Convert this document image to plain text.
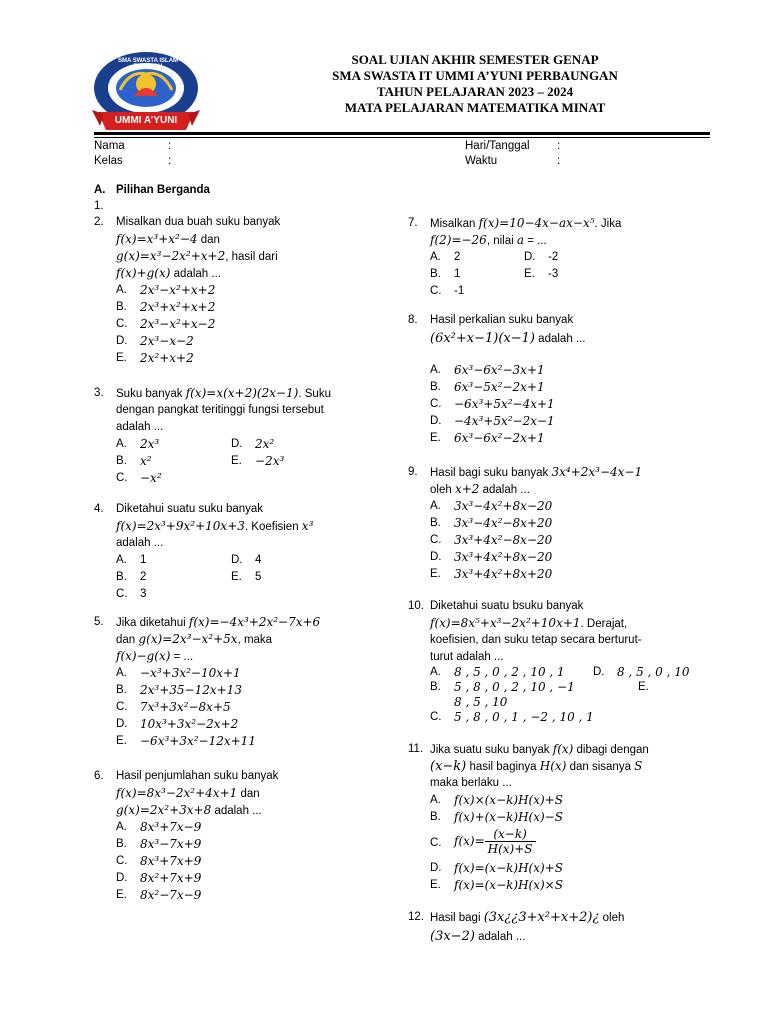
SMA SWASTA ISLAM TERPADU
UMMI A’YUNI
SOAL UJIAN AKHIR SEMESTER GENAP
SMA SWASTA IT UMMI A’YUNI PERBAUNGAN
TAHUN PELAJARAN 2023 – 2024
MATA PELAJARAN MATEMATIKA MINAT
Nama	:
Kelas	:
Hari/Tanggal :
Waktu	:
A. Pilihan Berganda
1.
2. Misalkan dua buah suku banyak
f(x)=x³+x²−4 dan
g(x)=x³−2x²+x+2, hasil dari
f(x)+g(x) adalah ...
A.	2x³−x²+x+2
B.	2x³+x²+x+2
C.	2x³−x²+x−2
D.	2x³−x−2
E.	2x²+x+2
3. Suku banyak f(x)=x(x+2)(2x−1). Suku
dengan pangkat teritinggi fungsi tersebut
adalah ...
A.	2x³	D.	2x²
B.	x²	E.	−2x³
C.	−x²
4. Diketahui suatu suku banyak
f(x)=2x³+9x²+10x+3. Koefisien x³
adalah ...
A.	1	D.	4
B.	2	E.	5
C.	3
5. Jika diketahui f(x)=−4x³+2x²−7x+6
dan g(x)=2x³−x²+5x, maka
f(x)−g(x) = ...
A.	−x³+3x²−10x+1
B.	2x³+35−12x+13
C.	7x³+3x²−8x+5
D.	10x³+3x²−2x+2
E.	−6x³+3x²−12x+11
6. Hasil penjumlahan suku banyak
f(x)=8x³−2x²+4x+1 dan
g(x)=2x²+3x+8 adalah ...
A.	8x³+7x−9
B.	8x³−7x+9
C.	8x³+7x+9
D.	8x²+7x+9
E.	8x²−7x−9
7. Misalkan f(x)=10−4x−ax−x⁵. Jika
f(2)=−26, nilai a = ...
A.	2	D.	-2
B.	1	E.	-3
C.	-1
8. Hasil perkalian suku banyak
(6x²+x−1)(x−1) adalah ...
A.	6x³−6x²−3x+1
B.	6x³−5x²−2x+1
C.	−6x³+5x²−4x+1
D.	−4x³+5x²−2x−1
E.	6x³−6x²−2x+1
9. Hasil bagi suku banyak 3x⁴+2x³−4x−1
oleh x+2 adalah ...
A.	3x³−4x²+8x−20
B.	3x³−4x²−8x+20
C.	3x³+4x²−8x−20
D.	3x³+4x²+8x−20
E.	3x³+4x²+8x+20
10. Diketahui suatu bsuku banyak
f(x)=8x⁵+x³−2x²+10x+1. Derajat,
koefisien, dan suku tetap secara berturut-
turut adalah ...
A.	8 , 5 , 0 , 2 , 10 , 1 D.	8 , 5 , 0 , 10
B.	5 , 8 , 0 , 2 , 10 , −1	E.
8 , 5 , 10
C.	5 , 8 , 0 , 1 , −2 , 10 , 1
11. Jika suatu suku banyak f(x) dibagi dengan
(x−k) hasil baginya H(x) dan sisanya S
maka berlaku ...
A.	f(x)×(x−k)H(x)+S
B.	f(x)+(x−k)H(x)−S
C.	$f(x)= \frac{(x-k)}{H(x)+S}$
D.	f(x)=(x−k)H(x)+S
E.	f(x)=(x−k)H(x)×S
12. Hasil bagi (3x¿¿3+x²+x+2)¿ oleh
(3x−2) adalah ...
